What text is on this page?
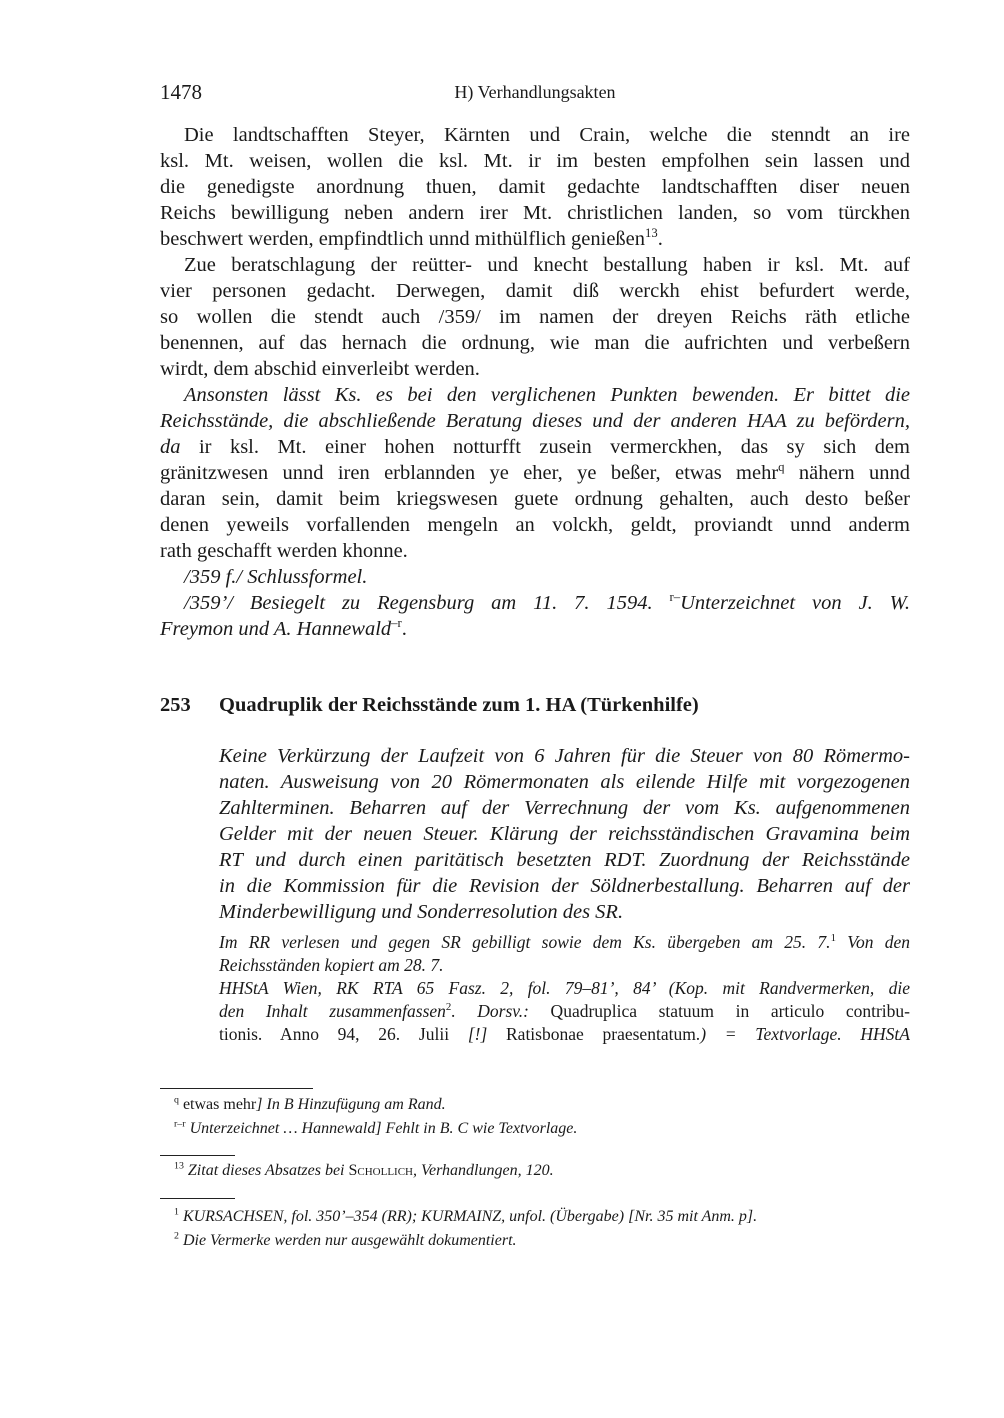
1478	H) Verhandlungsakten
Die landtschafften Steyer, Kärnten und Crain, welche die stenndt an ire
ksl. Mt. weisen, wollen die ksl. Mt. ir im besten empfolhen sein lassen und
die genedigste anordnung thuen, damit gedachte landtschafften diser neuen
Reichs bewilligung neben andern irer Mt. christlichen landen, so vom türckhen
beschwert werden, empfindtlich unnd mithülflich genießen$^{13}$.
Zue beratschlagung der reütter- und knecht bestallung haben ir ksl. Mt. auf
vier personen gedacht. Derwegen, damit diß werckh ehist befurdert werde,
so wollen die stendt auch /359/ im namen der dreyen Reichs räth etliche
benennen, auf das hernach die ordnung, wie man die aufrichten und verbeßern
wirdt, dem abschid einverleibt werden.
Ansonsten lässt Ks. es bei den verglichenen Punkten bewenden. Er bittet die
Reichsstände, die abschließende Beratung dieses und der anderen HAA zu befördern,
da ir ksl. Mt. einer hohen notturfft zusein vermerckhen, das sy sich dem
gränitzwesen unnd iren erblannden ye eher, ye beßer, etwas mehr$^q$ nähern unnd
daran sein, damit beim kriegswesen guete ordnung gehalten, auch desto beßer
denen yeweils vorfallenden mengeln an volckh, geldt, proviandt unnd anderm
rath geschafft werden khonne.
/359 f./ Schlussformel.
/359’/ Besiegelt zu Regensburg am 11. 7. 1594. $^{r-}$Unterzeichnet von J. W.
Freymon und A. Hannewald$^{-r}$.
253 Quadruplik der Reichsstände zum 1. HA (Türkenhilfe)
Keine Verkürzung der Laufzeit von 6 Jahren für die Steuer von 80 Römermo-
naten. Ausweisung von 20 Römermonaten als eilende Hilfe mit vorgezogenen
Zahlterminen. Beharren auf der Verrechnung der vom Ks. aufgenommenen
Gelder mit der neuen Steuer. Klärung der reichsständischen Gravamina beim
RT und durch einen paritätisch besetzten RDT. Zuordnung der Reichsstände
in die Kommission für die Revision der Söldnerbestallung. Beharren auf der
Minderbewilligung und Sonderresolution des SR.
Im RR verlesen und gegen SR gebilligt sowie dem Ks. übergeben am 25. 7.$^1$ Von den
Reichsständen kopiert am 28. 7.
HHStA Wien, RK RTA 65 Fasz. 2, fol. 79–81’, 84’ (Kop. mit Randvermerken, die
den Inhalt zusammenfassen$^2$. Dorsv.: Quadruplica statuum in articulo contribu-
tionis. Anno 94, 26. Julii [!] Ratisbonae praesentatum.) = Textvorlage. HHStA
$^q$ etwas mehr] In B Hinzufügung am Rand.
$^{r-r}$ Unterzeichnet … Hannewald] Fehlt in B. C wie Textvorlage.
$^{13}$ Zitat dieses Absatzes bei Schollich, Verhandlungen, 120.
$^1$ KURSACHSEN, fol. 350’–354 (RR); KURMAINZ, unfol. (Übergabe) [Nr. 35 mit Anm. p].
$^2$ Die Vermerke werden nur ausgewählt dokumentiert.
